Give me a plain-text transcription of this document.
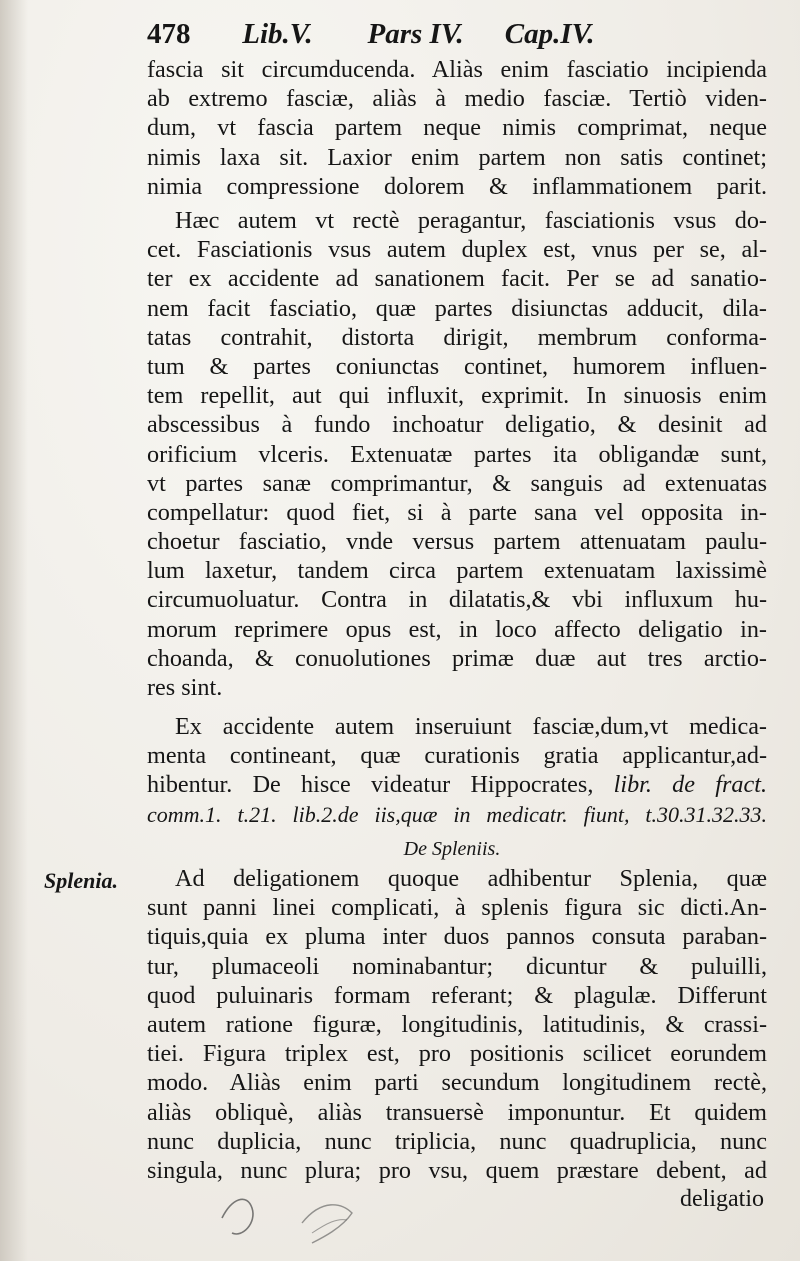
478 Lib.V. Pars IV. Cap.IV.
fascia sit circumducenda. Aliàs enim fasciatio incipienda
ab extremo fasciæ, aliàs à medio fasciæ. Tertiò viden-
dum, vt fascia partem neque nimis comprimat, neque
nimis laxa sit. Laxior enim partem non satis continet;
nimia compressione dolorem & inflammationem parit.
Hæc autem vt rectè peragantur, fasciationis vsus do-
cet. Fasciationis vsus autem duplex est, vnus per se, al-
ter ex accidente ad sanationem facit. Per se ad sanatio-
nem facit fasciatio, quæ partes disiunctas adducit, dila-
tatas contrahit, distorta dirigit, membrum conforma-
tum & partes coniunctas continet, humorem influen-
tem repellit, aut qui influxit, exprimit. In sinuosis enim
abscessibus à fundo inchoatur deligatio, & desinit ad
orificium vlceris. Extenuatæ partes ita obligandæ sunt,
vt partes sanæ comprimantur, & sanguis ad extenuatas
compellatur: quod fiet, si à parte sana vel opposita in-
choetur fasciatio, vnde versus partem attenuatam paulu-
lum laxetur, tandem circa partem extenuatam laxissimè
circumuoluatur. Contra in dilatatis,& vbi influxum hu-
morum reprimere opus est, in loco affecto deligatio in-
choanda, & conuolutiones primæ duæ aut tres arctio-
res sint.
Ex accidente autem inseruiunt fasciæ,dum,vt medica-
menta contineant, quæ curationis gratia applicantur,ad-
hibentur. De hisce videatur Hippocrates, libr. de fract.
comm.1. t.21. lib.2.de iis,quæ in medicatr. fiunt, t.30.31.32.33.
De Spleniis.
Splenia.	Ad deligationem quoque adhibentur Splenia, quæ
sunt panni linei complicati, à splenis figura sic dicti.An-
tiquis,quia ex pluma inter duos pannos consuta paraban-
tur, plumaceoli nominabantur; dicuntur & puluilli,
quod puluinaris formam referant; & plagulæ. Differunt
autem ratione figuræ, longitudinis, latitudinis, & crassi-
tiei. Figura triplex est, pro positionis scilicet eorundem
modo. Aliàs enim parti secundum longitudinem rectè,
aliàs obliquè, aliàs transuersè imponuntur. Et quidem
nunc duplicia, nunc triplicia, nunc quadruplicia, nunc
singula, nunc plura; pro vsu, quem præstare debent, ad
deligatio
